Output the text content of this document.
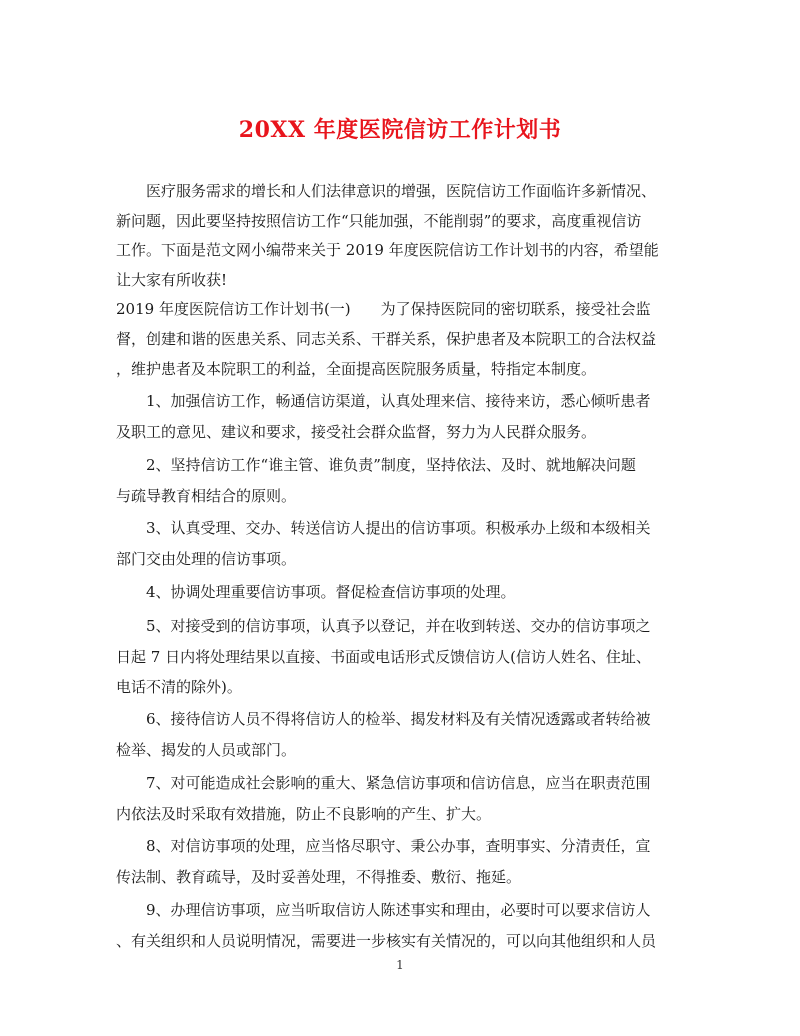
20XX 年度医院信访工作计划书
医疗服务需求的增长和人们法律意识的增强，医院信访工作面临许多新情况、
新问题，因此要坚持按照信访工作“只能加强，不能削弱”的要求，高度重视信访
工作。下面是范文网小编带来关于 2019 年度医院信访工作计划书的内容，希望能
让大家有所收获!
2019 年度医院信访工作计划书(一)　　为了保持医院同的密切联系，接受社会监
督，创建和谐的医患关系、同志关系、干群关系，保护患者及本院职工的合法权益
，维护患者及本院职工的利益，全面提高医院服务质量，特指定本制度。
1、加强信访工作，畅通信访渠道，认真处理来信、接待来访，悉心倾听患者
及职工的意见、建议和要求，接受社会群众监督，努力为人民群众服务。
2、坚持信访工作“谁主管、谁负责”制度，坚持依法、及时、就地解决问题
与疏导教育相结合的原则。
3、认真受理、交办、转送信访人提出的信访事项。积极承办上级和本级相关
部门交由处理的信访事项。
4、协调处理重要信访事项。督促检查信访事项的处理。
5、对接受到的信访事项，认真予以登记，并在收到转送、交办的信访事项之
日起 7 日内将处理结果以直接、书面或电话形式反馈信访人(信访人姓名、住址、
电话不清的除外)。
6、接待信访人员不得将信访人的检举、揭发材料及有关情况透露或者转给被
检举、揭发的人员或部门。
7、对可能造成社会影响的重大、紧急信访事项和信访信息，应当在职责范围
内依法及时采取有效措施，防止不良影响的产生、扩大。
8、对信访事项的处理，应当恪尽职守、秉公办事，查明事实、分清责任，宣
传法制、教育疏导，及时妥善处理，不得推委、敷衍、拖延。
9、办理信访事项，应当听取信访人陈述事实和理由，必要时可以要求信访人
、有关组织和人员说明情况，需要进一步核实有关情况的，可以向其他组织和人员
1
